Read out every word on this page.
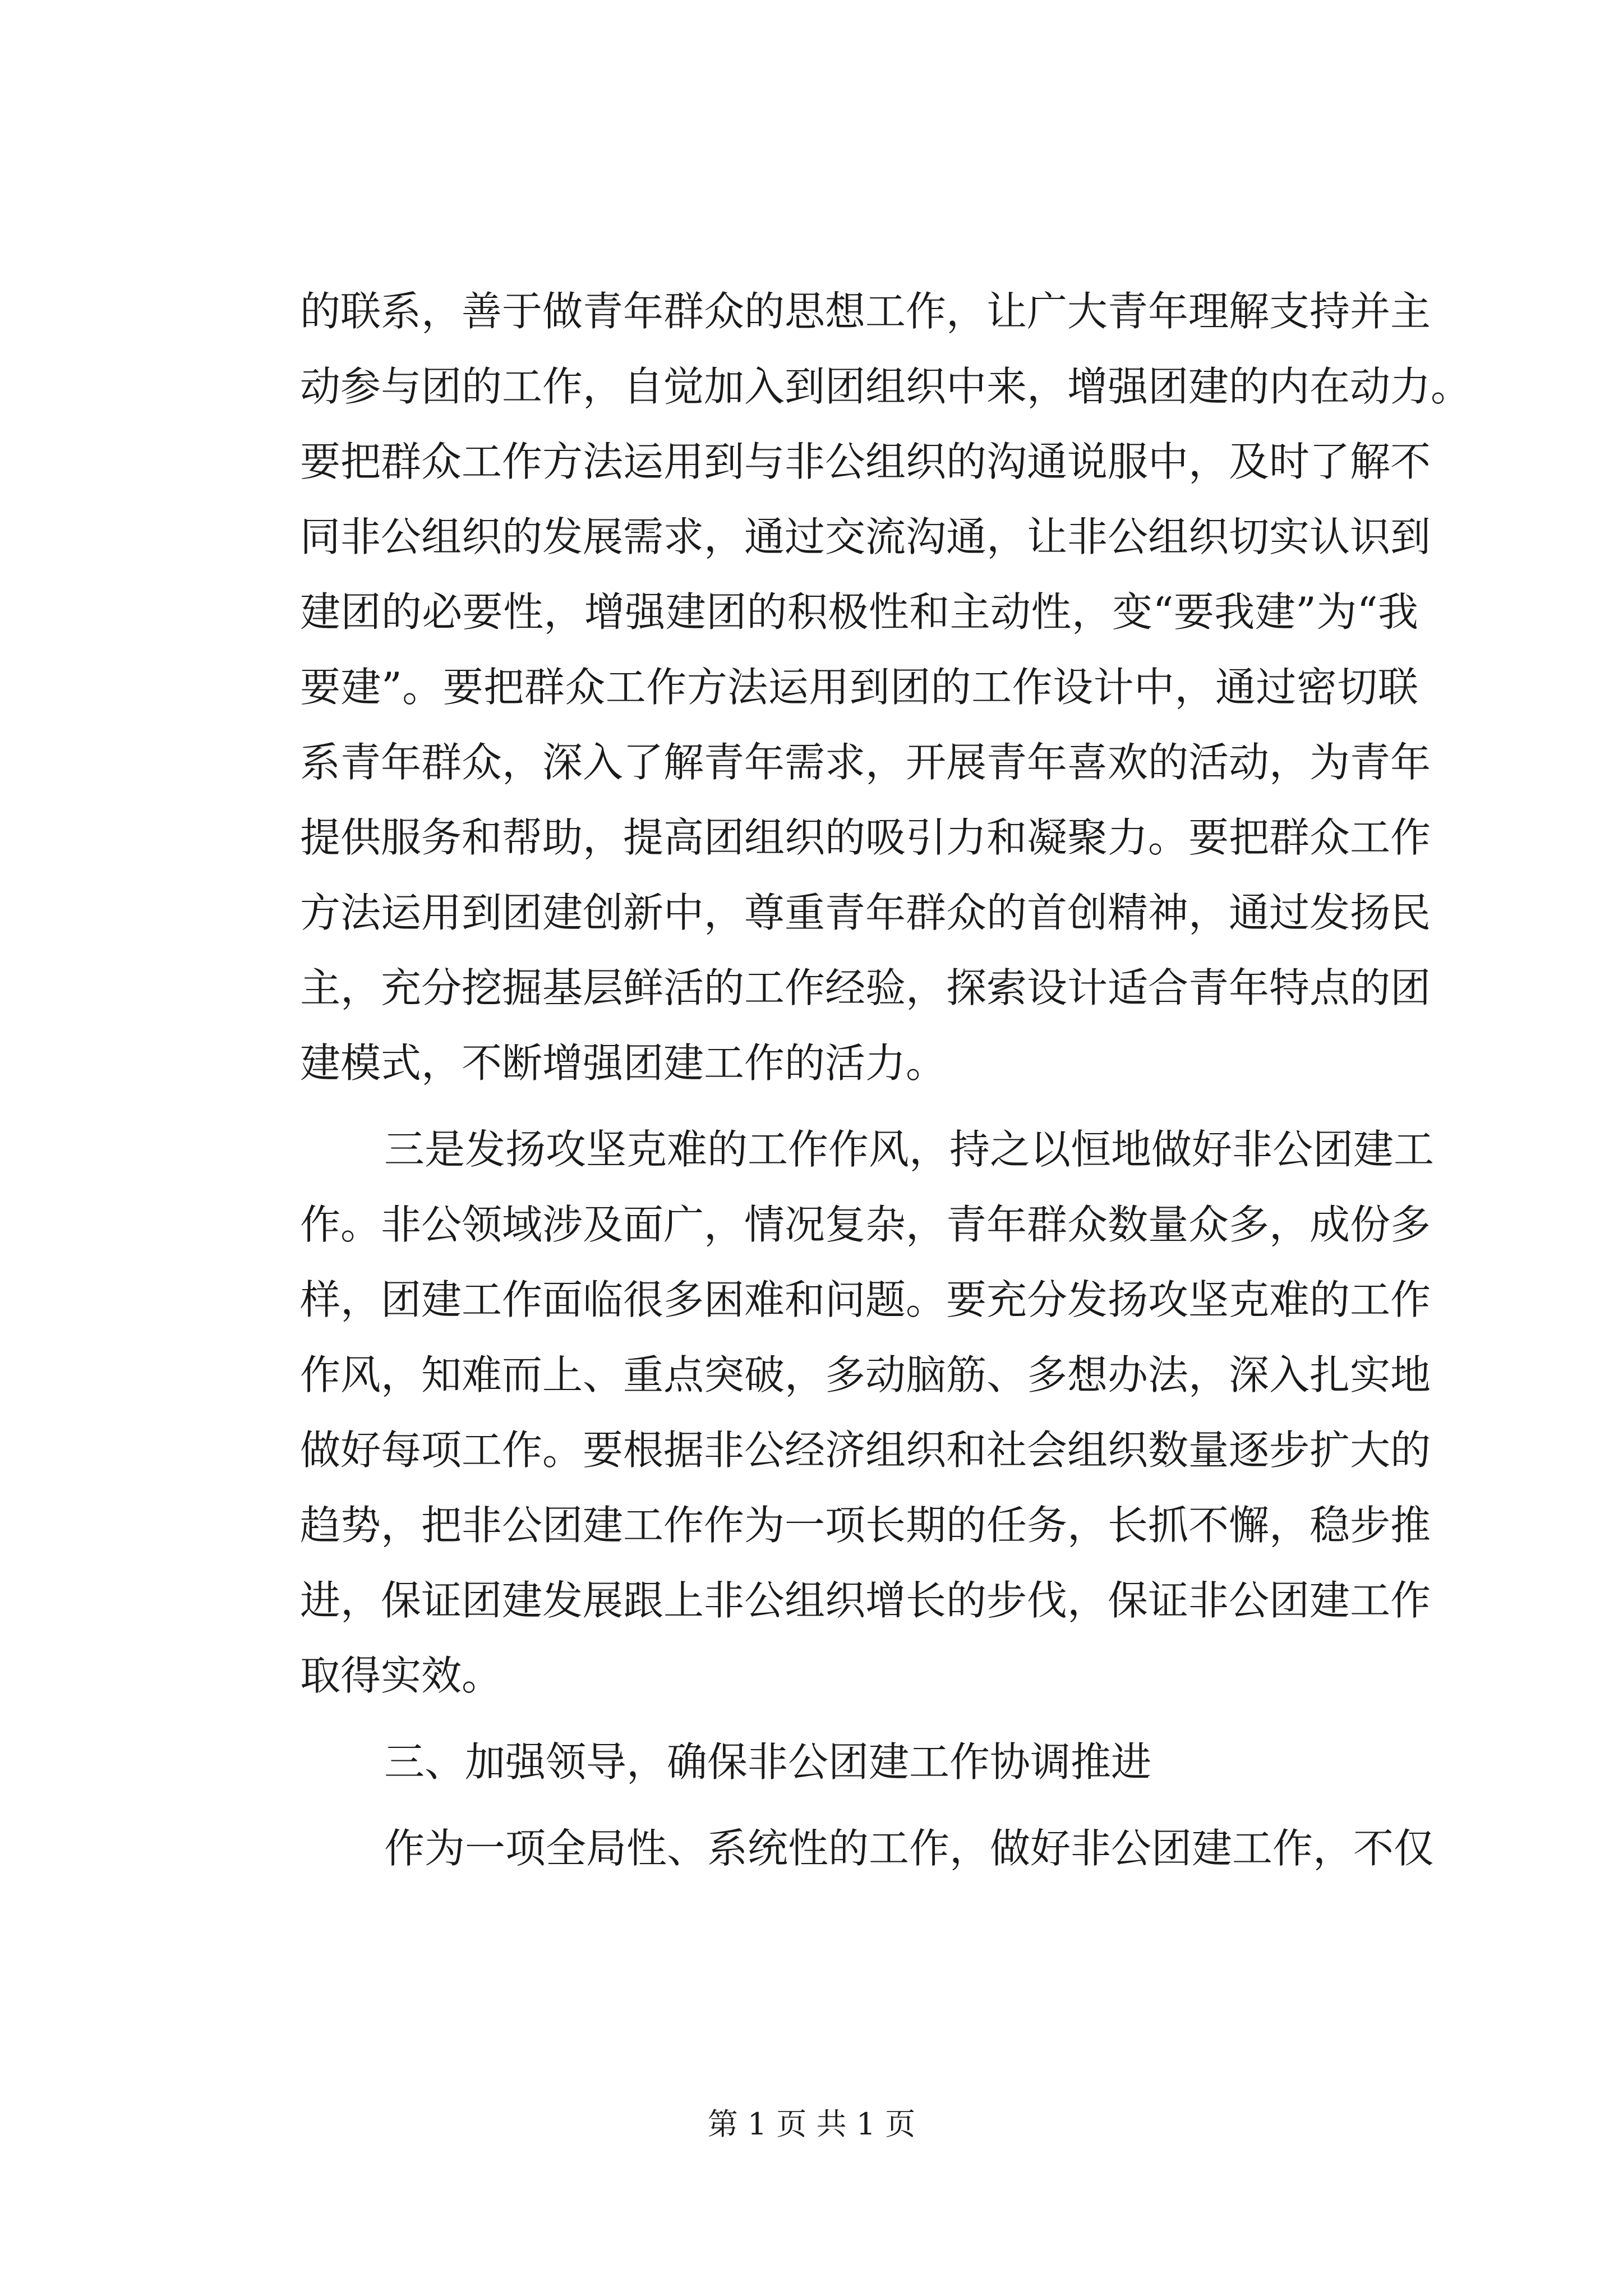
的联系，善于做青年群众的思想工作，让广大青年理解支持并主
动参与团的工作，自觉加入到团组织中来，增强团建的内在动力。
要把群众工作方法运用到与非公组织的沟通说服中，及时了解不
同非公组织的发展需求，通过交流沟通，让非公组织切实认识到
建团的必要性，增强建团的积极性和主动性，变“要我建”为“我
要建”。要把群众工作方法运用到团的工作设计中，通过密切联
系青年群众，深入了解青年需求，开展青年喜欢的活动，为青年
提供服务和帮助，提高团组织的吸引力和凝聚力。要把群众工作
方法运用到团建创新中，尊重青年群众的首创精神，通过发扬民
主，充分挖掘基层鲜活的工作经验，探索设计适合青年特点的团
建模式，不断增强团建工作的活力。
三是发扬攻坚克难的工作作风，持之以恒地做好非公团建工
作。非公领域涉及面广，情况复杂，青年群众数量众多，成份多
样，团建工作面临很多困难和问题。要充分发扬攻坚克难的工作
作风，知难而上、重点突破，多动脑筋、多想办法，深入扎实地
做好每项工作。要根据非公经济组织和社会组织数量逐步扩大的
趋势，把非公团建工作作为一项长期的任务，长抓不懈，稳步推
进，保证团建发展跟上非公组织增长的步伐，保证非公团建工作
取得实效。
三、加强领导，确保非公团建工作协调推进
作为一项全局性、系统性的工作，做好非公团建工作，不仅
第 1 页 共 1 页
